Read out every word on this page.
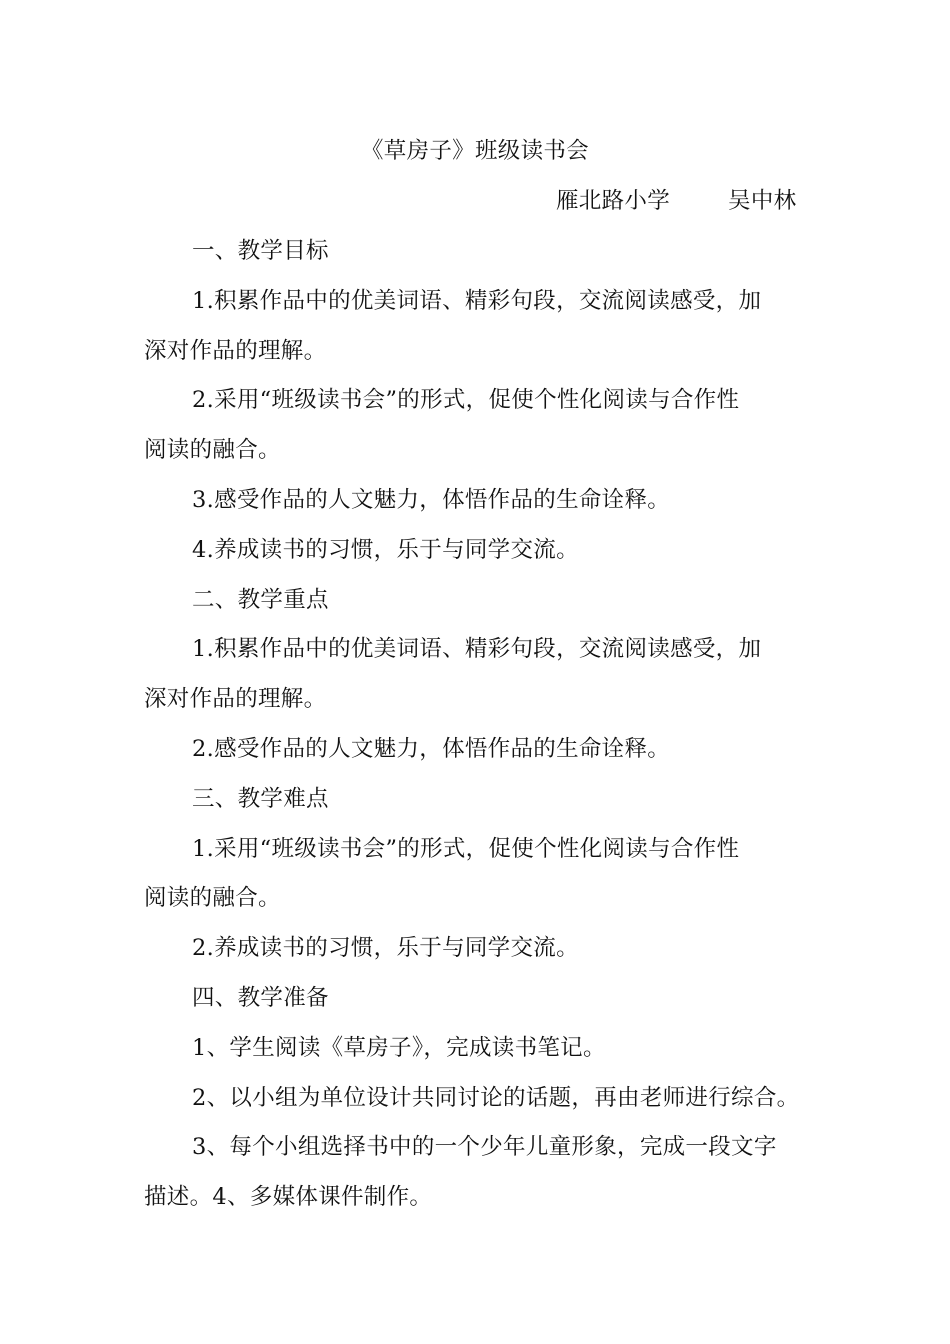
《草房子》班级读书会
雁北路小学	吴中林
一、教学目标
1.积累作品中的优美词语、精彩句段，交流阅读感受，加
深对作品的理解。
2.采用“班级读书会”的形式，促使个性化阅读与合作性
阅读的融合。
3.感受作品的人文魅力，体悟作品的生命诠释。
4.养成读书的习惯，乐于与同学交流。
二、教学重点
1.积累作品中的优美词语、精彩句段，交流阅读感受，加
深对作品的理解。
2.感受作品的人文魅力，体悟作品的生命诠释。
三、教学难点
1.采用“班级读书会”的形式，促使个性化阅读与合作性
阅读的融合。
2.养成读书的习惯，乐于与同学交流。
四、教学准备
1、学生阅读《草房子》，完成读书笔记。
2、以小组为单位设计共同讨论的话题，再由老师进行综合。
3、每个小组选择书中的一个少年儿童形象，完成一段文字
描述。4、多媒体课件制作。
